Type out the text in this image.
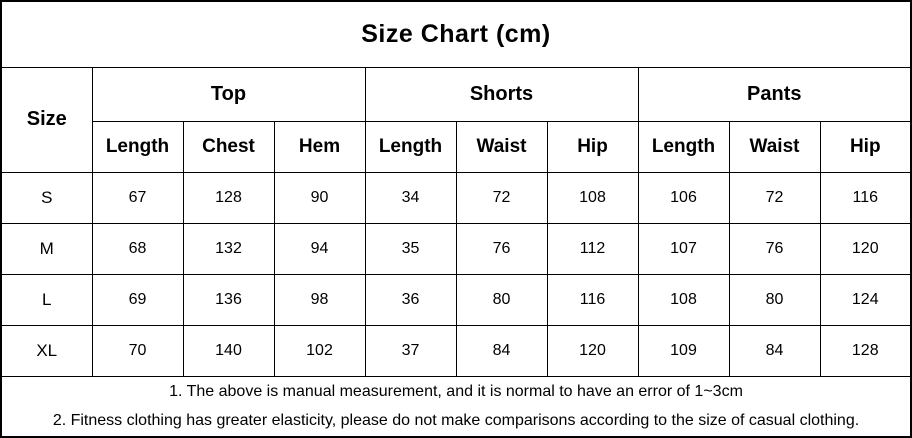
Size Chart (cm)									
Size	Top			Shorts			Pants		
	Length	Chest	Hem	Length	Waist	Hip	Length	Waist	Hip
S	67	128	90	34	72	108	106	72	116
M	68	132	94	35	76	112	107	76	120
L	69	136	98	36	80	116	108	80	124
XL	70	140	102	37	84	120	109	84	128

1. The above is manual measurement, and it is normal to have an error of 1~3cm
2. Fitness clothing has greater elasticity, please do not make comparisons according to the size of casual clothing.									
